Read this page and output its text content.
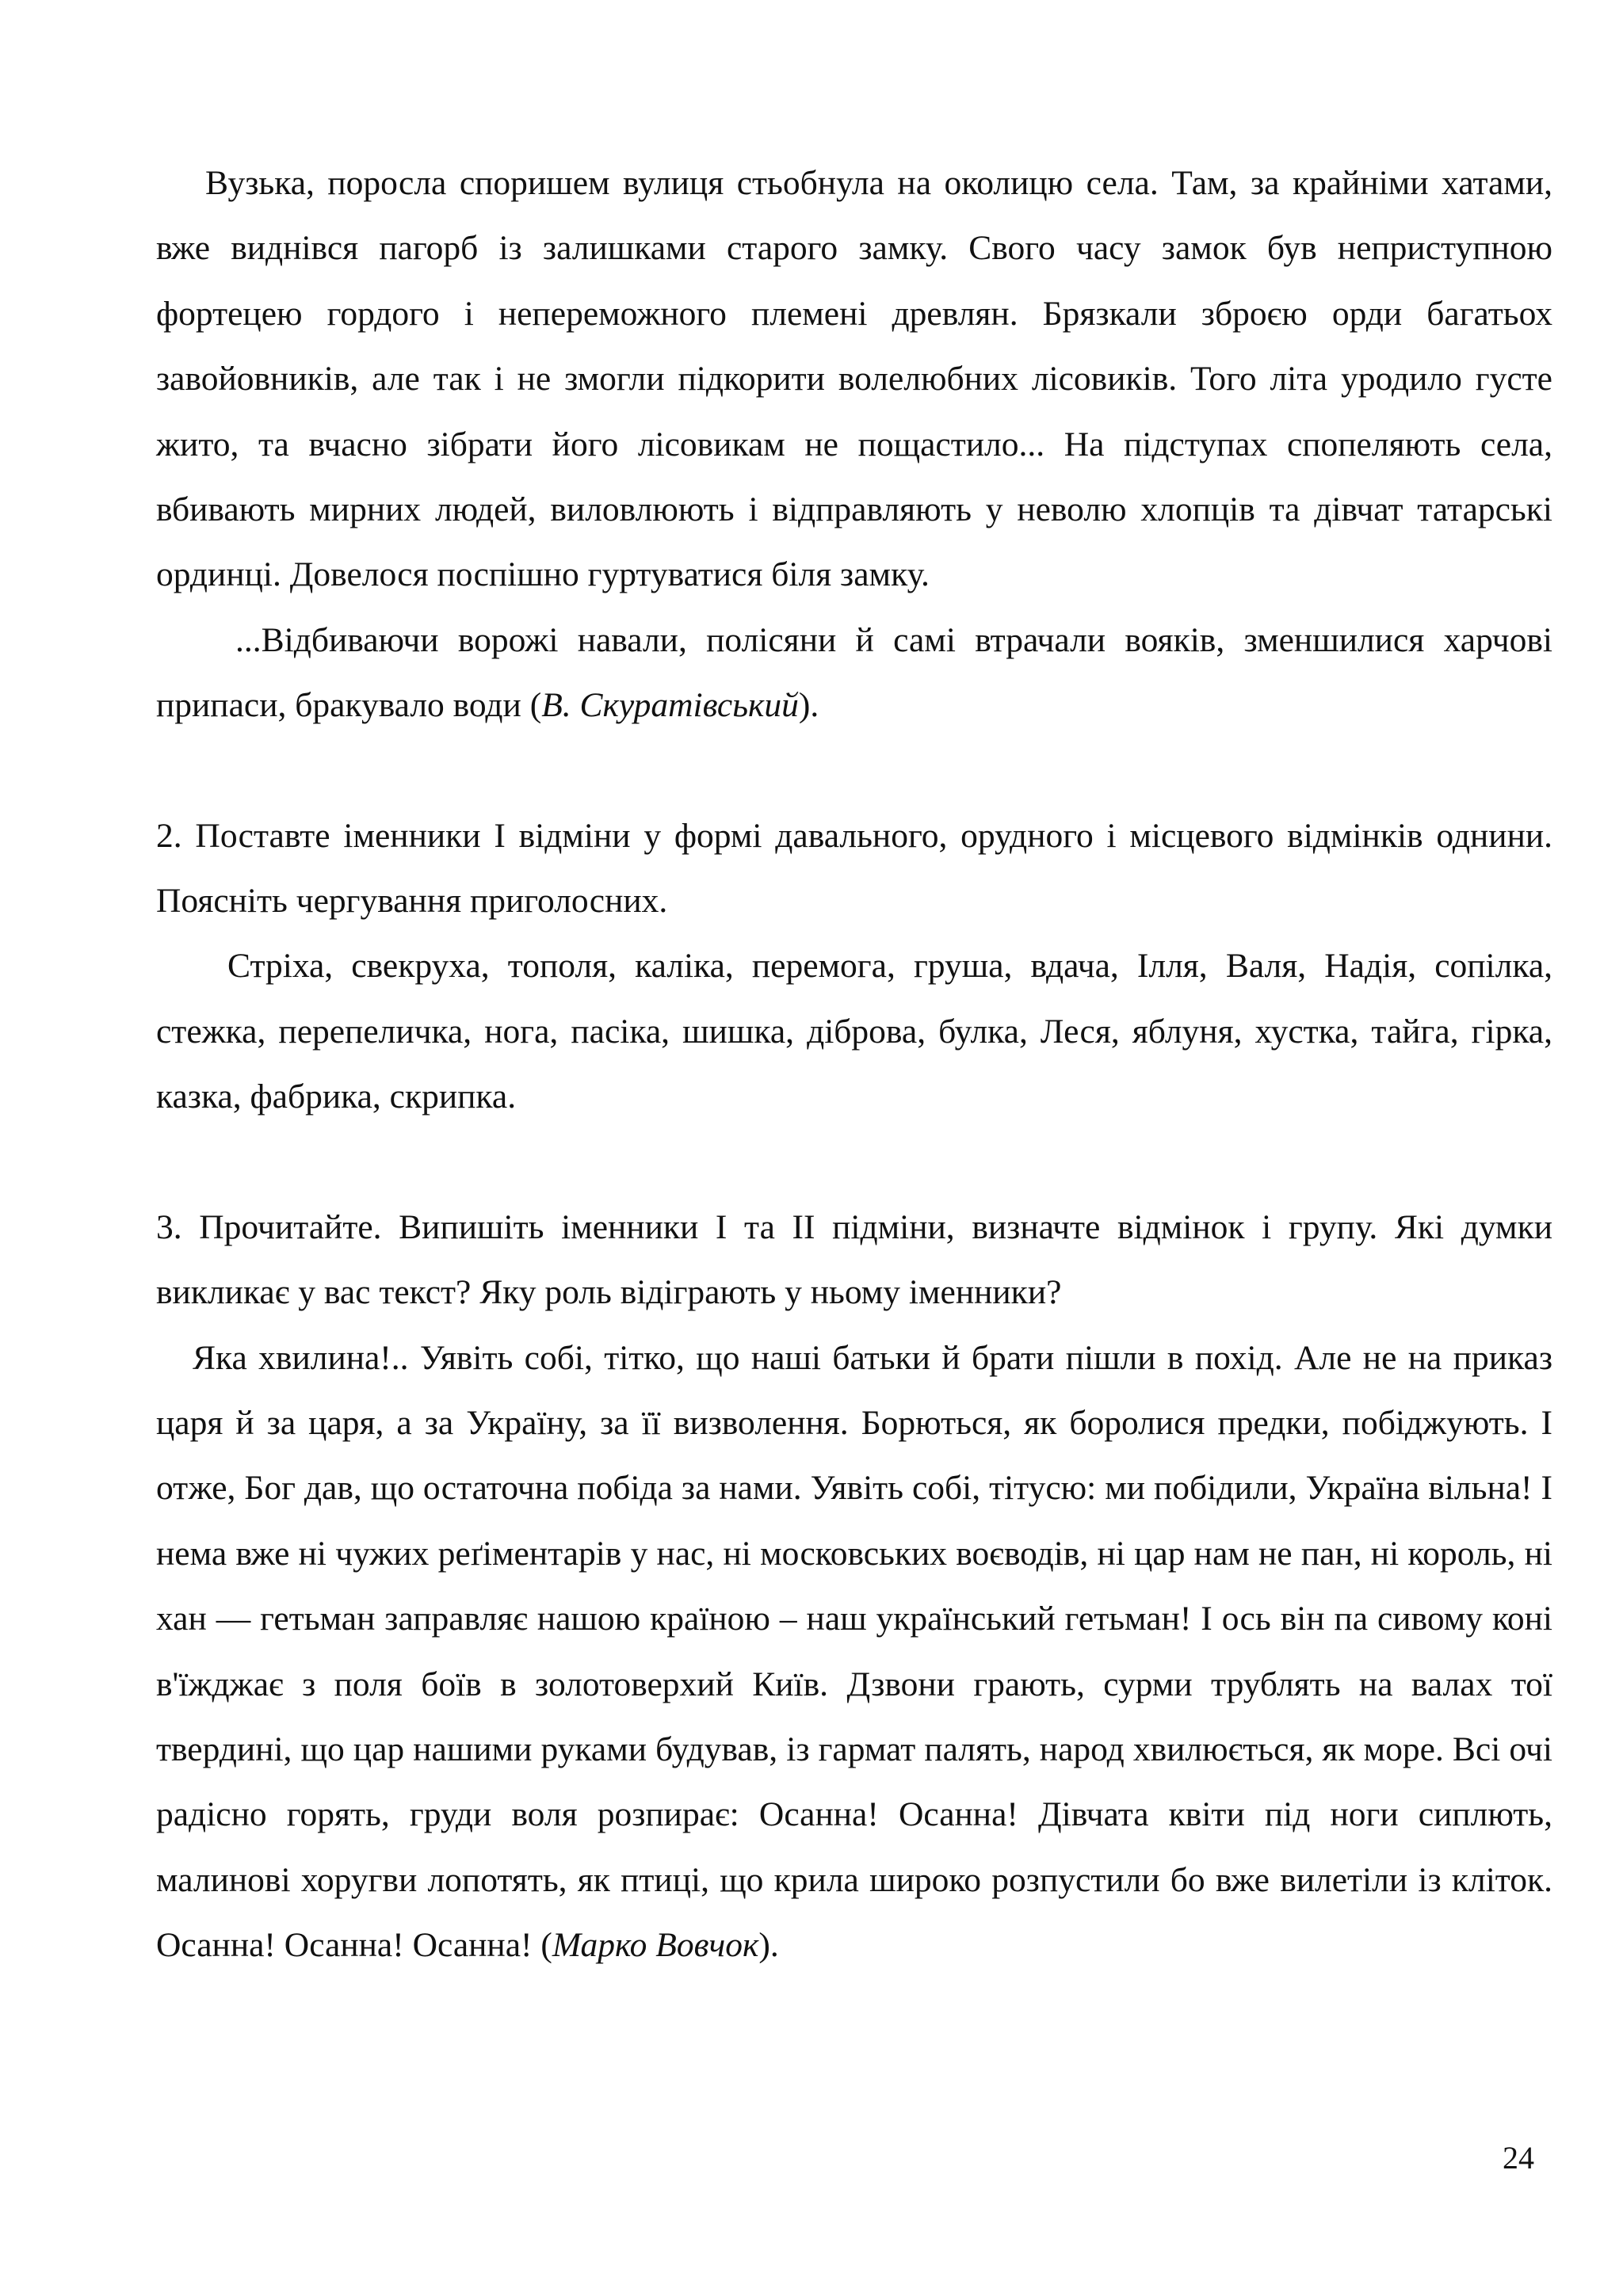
Вузька, поросла споришем вулиця стьобнула на околицю села. Там, за крайніми хатами, вже виднівся пагорб із залишками старого замку. Свого часу замок був неприступною фортецею гордого і непереможного племені древлян. Брязкали зброєю орди багатьох завойовників, але так і не змогли підкорити волелюбних лісовиків. Того літа уродило густе жито, та вчасно зібрати його лісовикам не пощастило... На підступах спопеляють села, вбивають мирних людей, виловлюють і відправляють у неволю хлопців та дівчат татарські ординці. Довелося поспішно гуртуватися біля замку.

...Відбиваючи ворожі навали, полісяни й самі втрачали вояків, зменшилися харчові припаси, бракувало води (В. Скуратівський).

2. Поставте іменники І відміни у формі давального, орудного і місцевого відмінків однини. Поясніть чергування приголосних.

Стріха, свекруха, тополя, каліка, перемога, груша, вдача, Ілля, Валя, Надія, сопілка, стежка, перепеличка, нога, пасіка, шишка, діброва, булка, Леся, яблуня, хустка, тайга, гірка, казка, фабрика, скрипка.

3. Прочитайте. Випишіть іменники І та ІІ підміни, визначте відмінок і групу. Які думки викликає у вас текст? Яку роль відіграють у ньому іменники?

Яка хвилина!.. Уявіть собі, тітко, що наші батьки й брати пішли в похід. Але не на приказ царя й за царя, а за Україну, за її визволення. Борються, як боролися предки, побіджують. І отже, Бог дав, що остаточна побіда за нами. Уявіть собі, тітусю: ми побідили, Україна вільна! І нема вже ні чужих реґіментарів у нас, ні московських воєводів, ні цар нам не пан, ні король, ні хан — гетьман заправляє нашою країною – наш український гетьман! І ось він па сивому коні в'їжджає з поля боїв в золотоверхий Київ. Дзвони грають, сурми трублять на валах тої твердині, що цар нашими руками будував, із гармат палять, народ хвилюється, як море. Всі очі радісно горять, груди воля розпирає: Осанна! Осанна! Дівчата квіти під ноги сиплють, малинові хоругви лопотять, як птиці, що крила широко розпустили бо вже вилетіли із кліток. Осанна! Осанна! Осанна! (Марко Вовчок).

24
